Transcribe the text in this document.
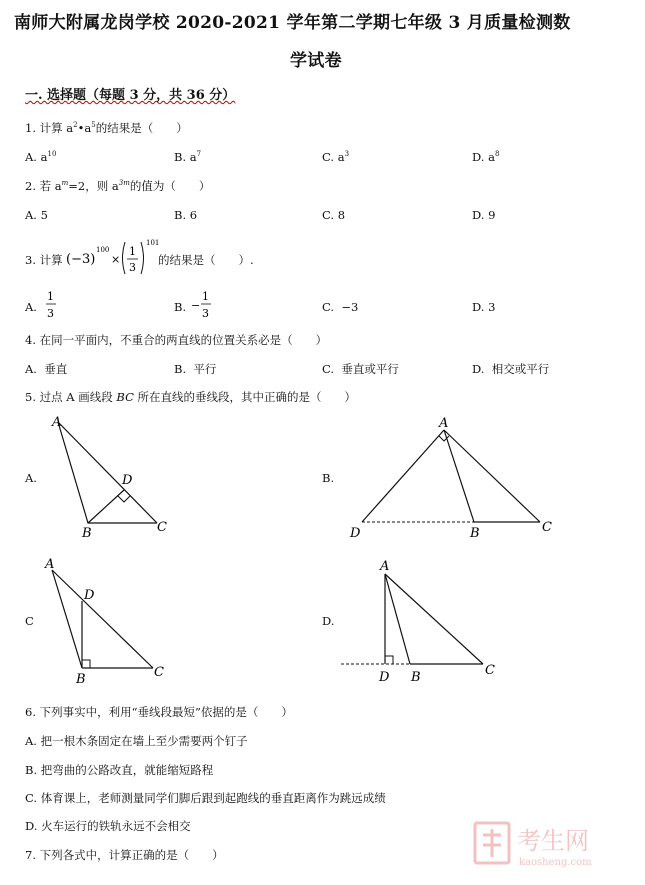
南师大附属龙岗学校 2020-2021 学年第二学期七年级 3 月质量检测数
学试卷
一. 选择题（每题 3 分，共 36 分）
1. 计算 $a^2•a^5$的结果是（　　）
A. $a^{10}$	B. $a^7$	C. $a^3$	D. $a^8$
2. 若 $a^m=2$，则 $a^{3m}$的值为（　　）
A. 5	B. 6	C. 8	D. 9
3. 计算 (−3)
100
×
1
3
101
的结果是（　　）.
A.
1
3	B. −
1
3	C. −3	D. 3
4. 在同一平面内，不重合的两直线的位置关系必是（　　）
A. 垂直	B. 平行	C. 垂直或平行	D. 相交或平行
5. 过点 A 画线段 BC 所在直线的垂线段，其中正确的是（　　）
A.
A
D
B	C
B.
A
D	B	C
C
A
D
B	C
D.
A
D B	C
6. 下列事实中，利用“垂线段最短”依据的是（　　）
A. 把一根木条固定在墙上至少需要两个钉子
B. 把弯曲的公路改直，就能缩短路程
C. 体育课上，老师测量同学们脚后跟到起跑线的垂直距离作为跳远成绩
D. 火车运行的铁轨永远不会相交
7. 下列各式中，计算正确的是（　　）	考生网
kaosheng.com
